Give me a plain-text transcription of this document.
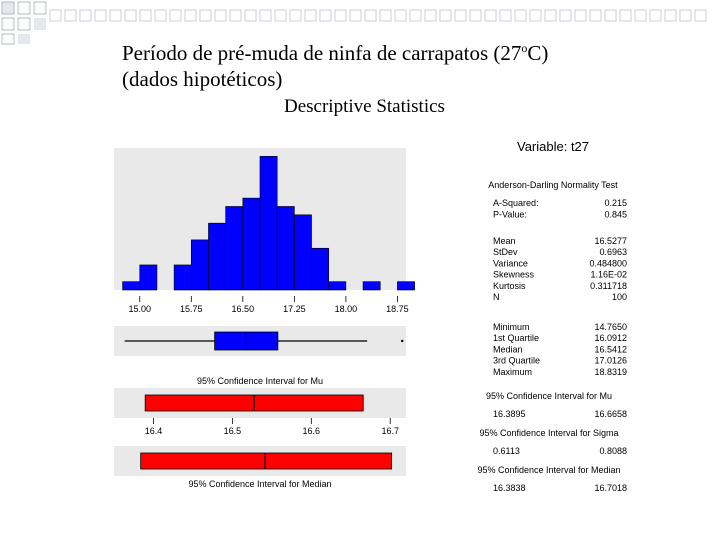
Período de pré-muda de ninfa de carrapatos (27$^o$C)
(dados hipotéticos)
Descriptive Statistics
15.00	15.75	16.50	17.25	18.00	18.75
95% Confidence Interval for Mu
16.4	16.5	16.6	16.7
95% Confidence Interval for Median
Variable: t27
Anderson-Darling Normality Test
A-Squared:	0.215
P-Value:	0.845
Mean	16.5277
StDev	0.6963
Variance	0.484800
Skewness	1.16E-02
Kurtosis	0.311718
N	100
Minimum	14.7650
1st Quartile	16.0912
Median	16.5412
3rd Quartile	17.0126
Maximum	18.8319
95% Confidence Interval for Mu
16.3895	16.6658
95% Confidence Interval for Sigma
0.6113	0.8088
95% Confidence Interval for Median
16.3838	16.7018
